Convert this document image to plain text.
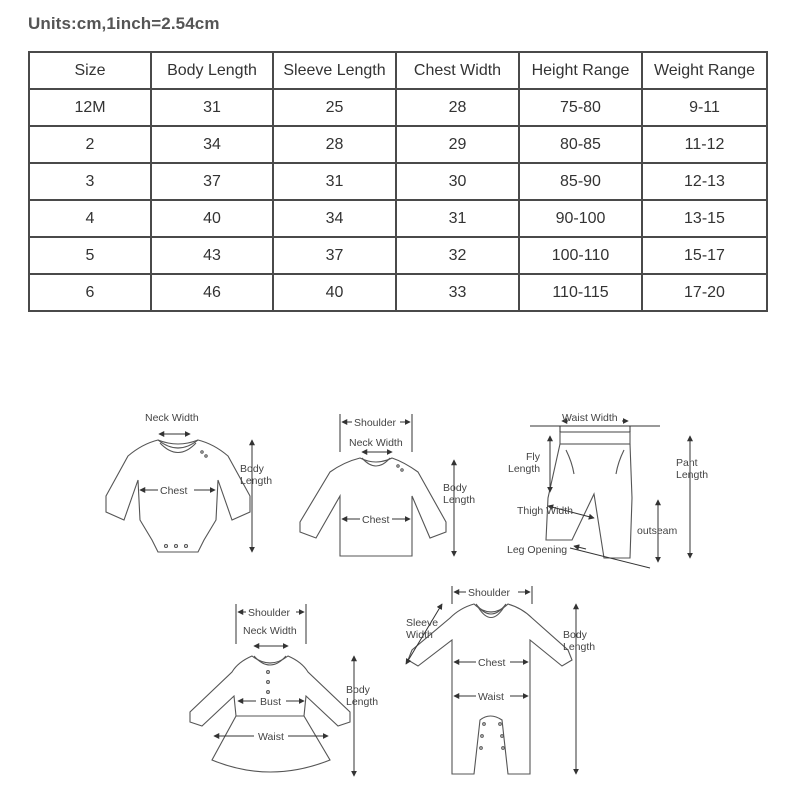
Units:cm,1inch=2.54cm
Size	Body Length	Sleeve Length	Chest Width	Height Range	Weight Range
12M	31	25	28	75-80	9-11
2	34	28	29	80-85	11-12
3	37	31	30	85-90	12-13
4	40	34	31	90-100	13-15
5	43	37	32	100-110	15-17
6	46	40	33	110-115	17-20
Neck Width
Chest
Body
Length
Shoulder
Neck Width
Chest
Body
Length
Waist Width
Fly
Length	Pant
Length
Thigh Width
outseam
Leg Opening
Shoulder
Neck Width
Bust
Waist
Body
Length
Shoulder
Sleeve
Width
Chest
Waist
Body
Length
